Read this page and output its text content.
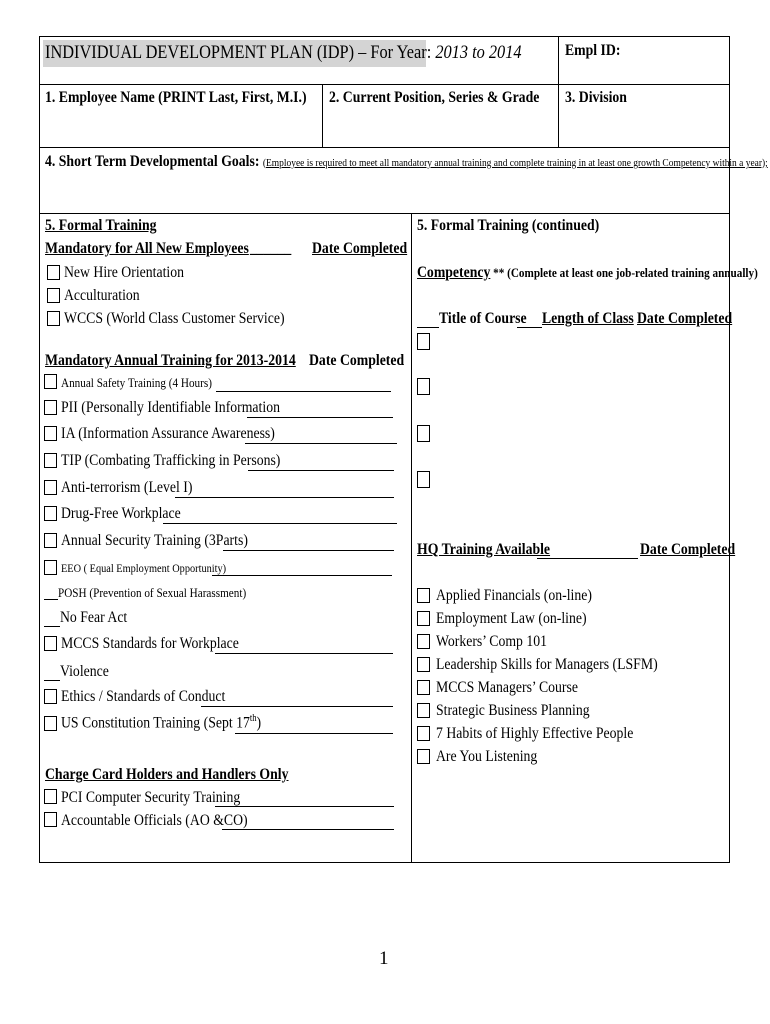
INDIVIDUAL DEVELOPMENT PLAN (IDP) – For Year: 2013 to 2014	Empl ID:
1. Employee Name (PRINT Last, First, M.I.) 2. Current Position, Series & Grade 3. Division
4. Short Term Developmental Goals: (Employee is required to meet all mandatory annual training and complete training in at least one growth Competency within a year);
5. Formal Training
Mandatory for All New Employees ______ Date Completed
New Hire Orientation
Acculturation
WCCS (World Class Customer Service)
Mandatory Annual Training for 2013-2014 Date Completed
Annual Safety Training (4 Hours)
PII (Personally Identifiable Information
IA (Information Assurance Awareness)
TIP (Combating Trafficking in Persons)
Anti-terrorism (Level I)
Drug-Free Workplace
Annual Security Training (3Parts)
EEO ( Equal Employment Opportunity)
POSH (Prevention of Sexual Harassment)
No Fear Act
MCCS Standards for Workplace
Violence
Ethics / Standards of Conduct
US Constitution Training (Sept 17th)
Charge Card Holders and Handlers Only
PCI Computer Security Training
Accountable Officials (AO &CO)
5. Formal Training (continued)
Competency ** (Complete at least one job-related training annually)
Title of Course Length of Class Date Completed
HQ Training Available	Date Completed
Applied Financials (on-line)
Employment Law (on-line)
Workers’ Comp 101
Leadership Skills for Managers (LSFM)
MCCS Managers’ Course
Strategic Business Planning
7 Habits of Highly Effective People
Are You Listening
1
